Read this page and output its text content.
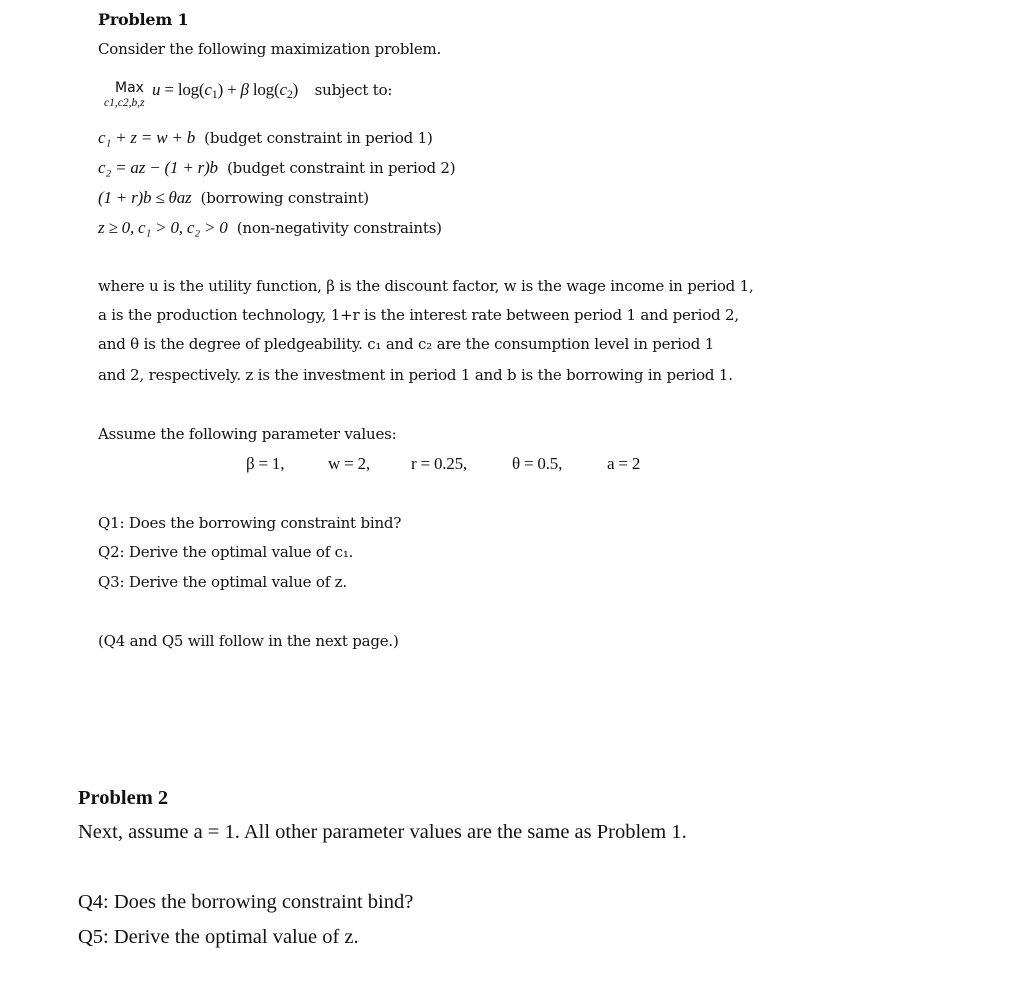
Problem 1
Consider the following maximization problem.
Max
c1,c2,b,z
$u = \log(c_1) + \beta$ $\log(c_2)$ subject to:
c₁ + z = w + b (budget constraint in period 1)
c₂ = az − (1 + r)b (budget constraint in period 2)
(1 + r)b ≤ θaz (borrowing constraint)
z ≥ 0, c₁ > 0, c₂ > 0 (non-negativity constraints)
where u is the utility function, β is the discount factor, w is the wage income in period 1,
a is the production technology, 1+r is the interest rate between period 1 and period 2,
and θ is the degree of pledgeability. c₁ and c₂ are the consumption level in period 1
and 2, respectively. z is the investment in period 1 and b is the borrowing in period 1.
Assume the following parameter values:
β = 1,	w = 2, r = 0.25,	θ = 0.5,	a = 2
Q1: Does the borrowing constraint bind?
Q2: Derive the optimal value of c₁.
Q3: Derive the optimal value of z.
(Q4 and Q5 will follow in the next page.)
Problem 2
Next, assume a = 1. All other parameter values are the same as Problem 1.
Q4: Does the borrowing constraint bind?
Q5: Derive the optimal value of z.
